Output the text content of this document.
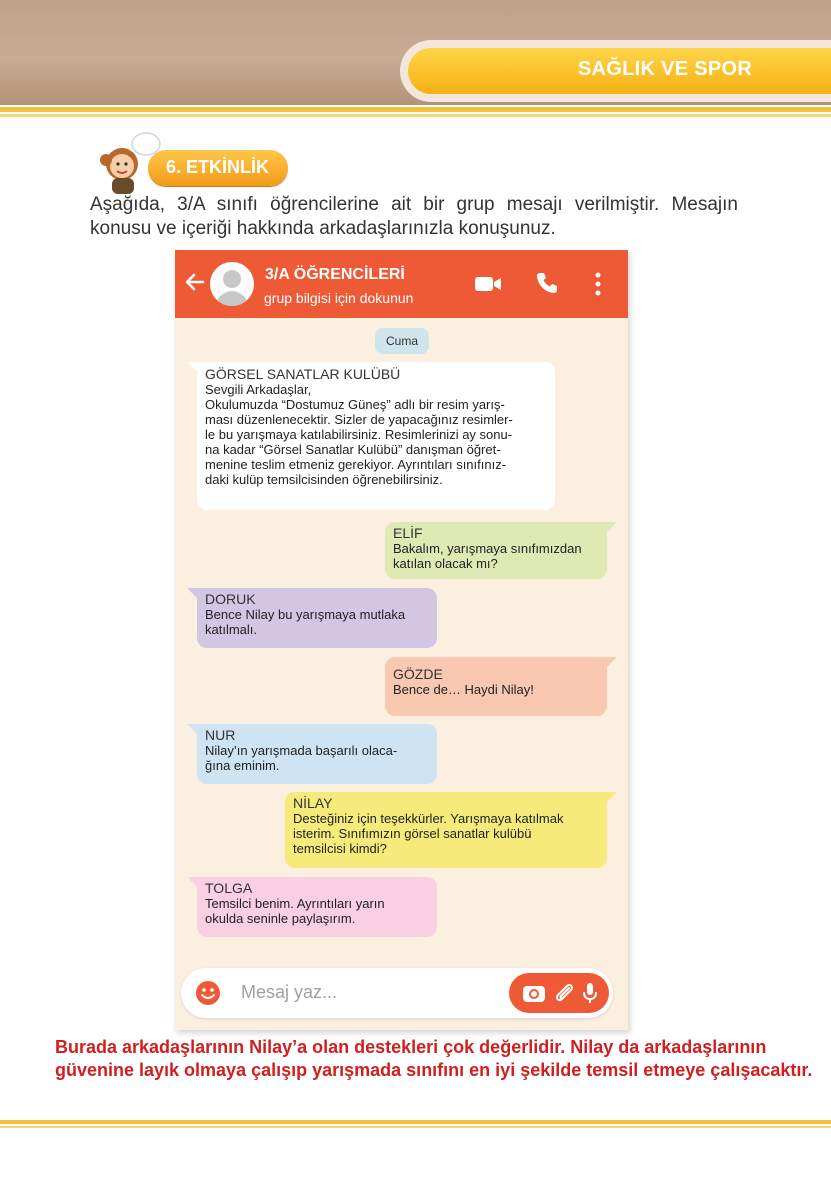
SAĞLIK VE SPOR
6. ETKİNLİK
Aşağıda, 3/A sınıfı öğrencilerine ait bir grup mesajı verilmiştir. Mesajın
konusu ve içeriği hakkında arkadaşlarınızla konuşunuz.
3/A ÖĞRENCİLERİ
grup bilgisi için dokunun
Cuma
GÖRSEL SANATLAR KULÜBÜ
Sevgili Arkadaşlar,
Okulumuzda “Dostumuz Güneş” adlı bir resim yarış-
ması düzenlenecektir. Sizler de yapacağınız resimler-
le bu yarışmaya katılabilirsiniz. Resimlerinizi ay sonu-
na kadar “Görsel Sanatlar Kulübü” danışman öğret-
menine teslim etmeniz gerekiyor. Ayrıntıları sınıfınız-
daki kulüp temsilcisinden öğrenebilirsiniz.
ELİF
Bakalım, yarışmaya sınıfımızdan
katılan olacak mı?
DORUK
Bence Nilay bu yarışmaya mutlaka
katılmalı.
GÖZDE
Bence de… Haydi Nilay!
NUR
Nilay’ın yarışmada başarılı olaca-
ğına eminim.
NİLAY
Desteğiniz için teşekkürler. Yarışmaya katılmak
isterim. Sınıfımızın görsel sanatlar kulübü
temsilcisi kimdi?
TOLGA
Temsilci benim. Ayrıntıları yarın
okulda seninle paylaşırım.
Mesaj yaz...
Burada arkadaşlarının Nilay’a olan destekleri çok değerlidir. Nilay da arkadaşlarının
güvenine layık olmaya çalışıp yarışmada sınıfını en iyi şekilde temsil etmeye çalışacaktır.
